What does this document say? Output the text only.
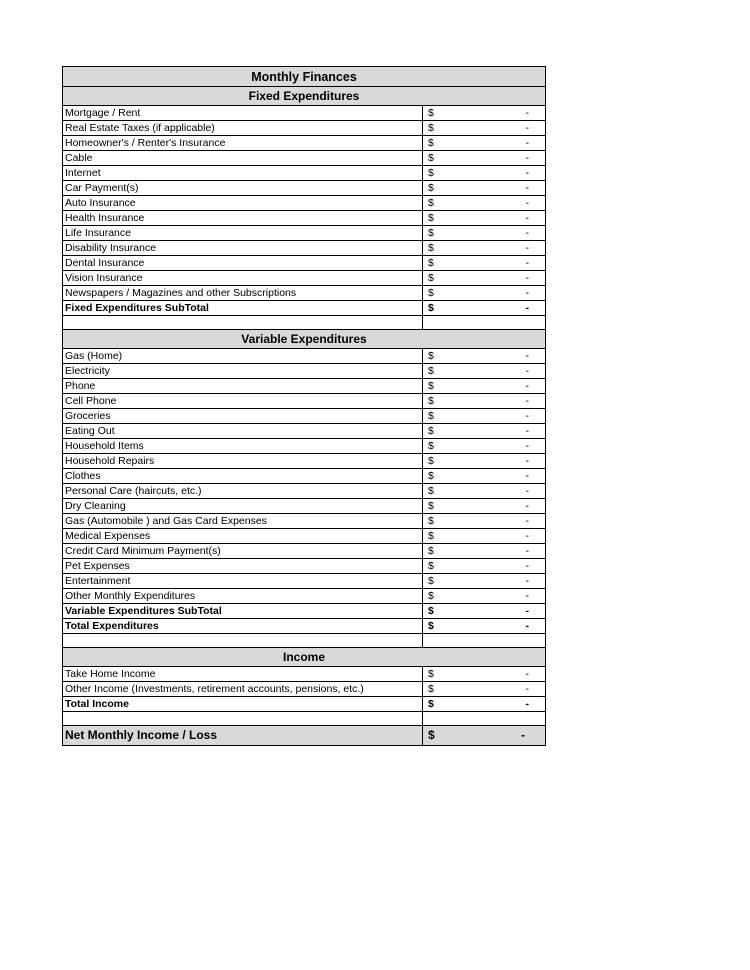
Monthly Finances
Fixed Expenditures
Mortgage / Rent	$	-
Real Estate Taxes (if applicable)	$	-
Homeowner's / Renter's Insurance	$	-
Cable	$	-
Internet	$	-
Car Payment(s)	$	-
Auto Insurance	$	-
Health Insurance	$	-
Life Insurance	$	-
Disability Insurance	$	-
Dental Insurance	$	-
Vision Insurance	$	-
Newspapers / Magazines and other Subscriptions	$	-
Fixed Expenditures SubTotal	$	-
Variable Expenditures
Gas (Home)	$	-
Electricity	$	-
Phone	$	-
Cell Phone	$	-
Groceries	$	-
Eating Out	$	-
Household Items	$	-
Household Repairs	$	-
Clothes	$	-
Personal Care (haircuts, etc.)	$	-
Dry Cleaning	$	-
Gas (Automobile ) and Gas Card Expenses	$	-
Medical Expenses	$	-
Credit Card Minimum Payment(s)	$	-
Pet Expenses	$	-
Entertainment	$	-
Other Monthly Expenditures	$	-
Variable Expenditures SubTotal	$	-
Total Expenditures	$	-
Income
Take Home Income	$	-
Other Income (Investments, retirement accounts, pensions, etc.)	$	-
Total Income	$	-
Net Monthly Income / Loss	$	-
